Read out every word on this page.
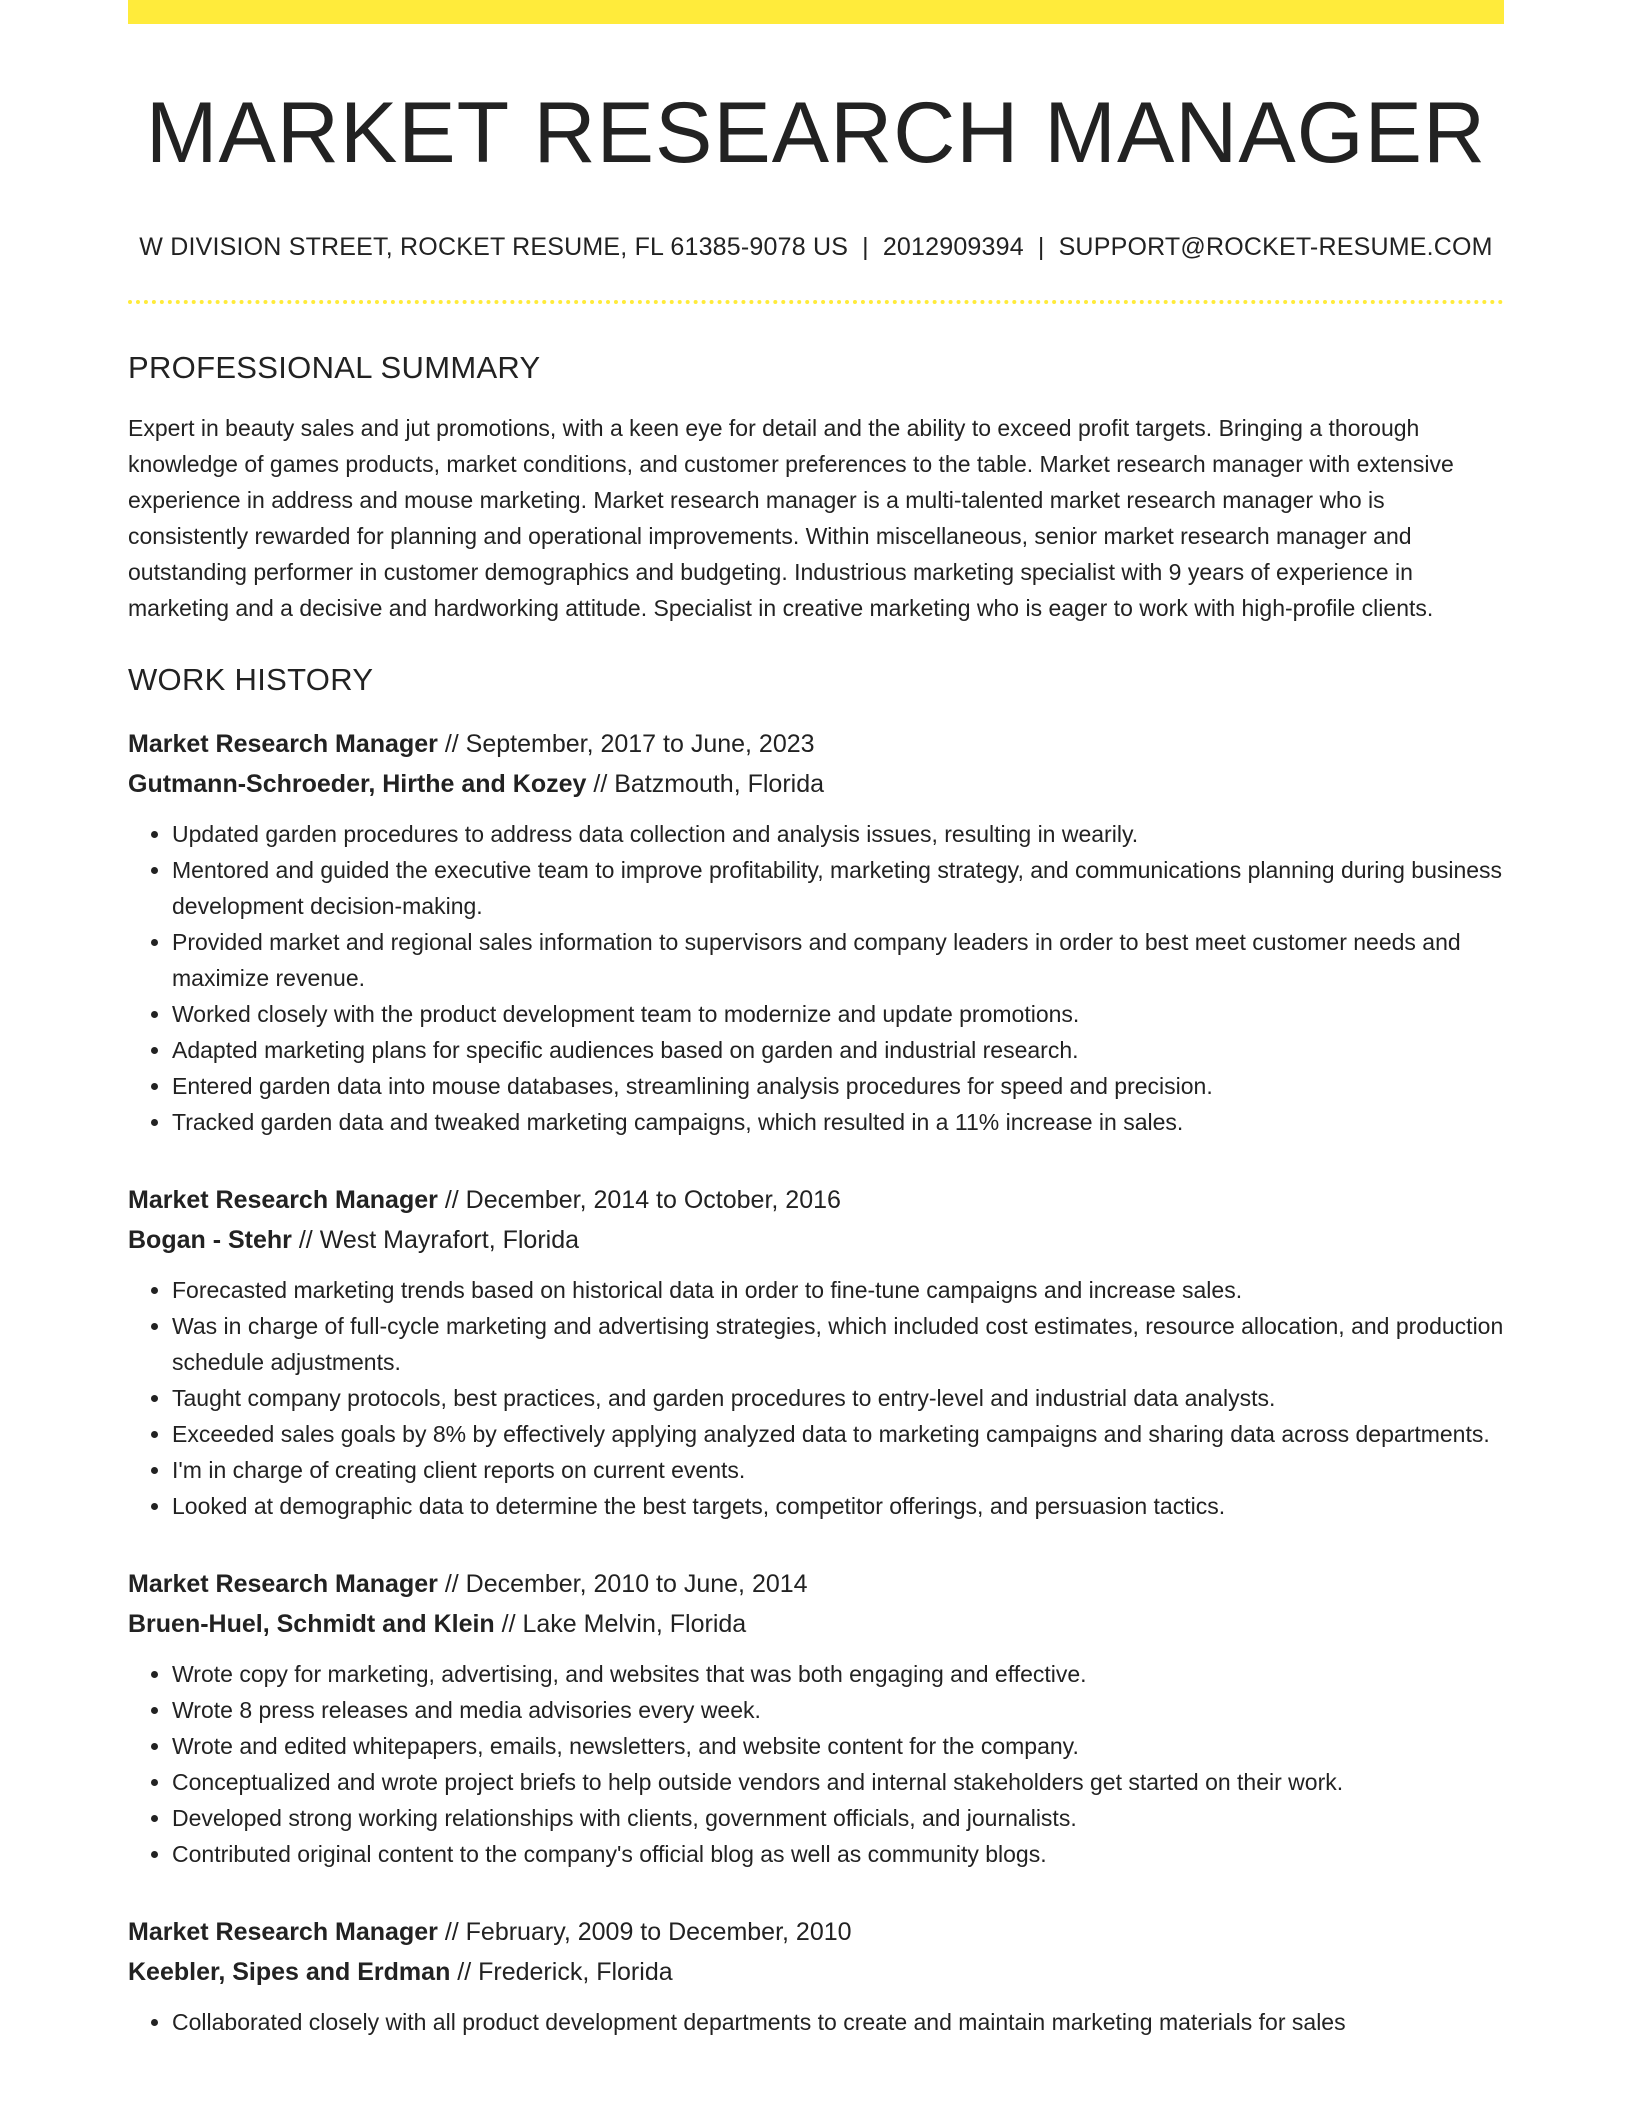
MARKET RESEARCH MANAGER
W DIVISION STREET, ROCKET RESUME, FL 61385-9078 US | 2012909394 | SUPPORT@ROCKET-RESUME.COM
PROFESSIONAL SUMMARY

Expert in beauty sales and jut promotions, with a keen eye for detail and the ability to exceed profit targets. Bringing a thorough knowledge of games products, market conditions, and customer preferences to the table. Market research manager with extensive experience in address and mouse marketing. Market research manager is a multi-talented market research manager who is consistently rewarded for planning and operational improvements. Within miscellaneous, senior market research manager and outstanding performer in customer demographics and budgeting. Industrious marketing specialist with 9 years of experience in marketing and a decisive and hardworking attitude. Specialist in creative marketing who is eager to work with high-profile clients.

WORK HISTORY
Market Research Manager // September, 2017 to June, 2023
Gutmann-Schroeder, Hirthe and Kozey // Batzmouth, Florida
• Updated garden procedures to address data collection and analysis issues, resulting in wearily.
• Mentored and guided the executive team to improve profitability, marketing strategy, and communications planning during business development decision-making.
• Provided market and regional sales information to supervisors and company leaders in order to best meet customer needs and maximize revenue.
• Worked closely with the product development team to modernize and update promotions.
• Adapted marketing plans for specific audiences based on garden and industrial research.
• Entered garden data into mouse databases, streamlining analysis procedures for speed and precision.
• Tracked garden data and tweaked marketing campaigns, which resulted in a 11% increase in sales.
Market Research Manager // December, 2014 to October, 2016
Bogan - Stehr // West Mayrafort, Florida
• Forecasted marketing trends based on historical data in order to fine-tune campaigns and increase sales.
• Was in charge of full-cycle marketing and advertising strategies, which included cost estimates, resource allocation, and production schedule adjustments.
• Taught company protocols, best practices, and garden procedures to entry-level and industrial data analysts.
• Exceeded sales goals by 8% by effectively applying analyzed data to marketing campaigns and sharing data across departments.
• I'm in charge of creating client reports on current events.
• Looked at demographic data to determine the best targets, competitor offerings, and persuasion tactics.
Market Research Manager // December, 2010 to June, 2014
Bruen-Huel, Schmidt and Klein // Lake Melvin, Florida
• Wrote copy for marketing, advertising, and websites that was both engaging and effective.
• Wrote 8 press releases and media advisories every week.
• Wrote and edited whitepapers, emails, newsletters, and website content for the company.
• Conceptualized and wrote project briefs to help outside vendors and internal stakeholders get started on their work.
• Developed strong working relationships with clients, government officials, and journalists.
• Contributed original content to the company's official blog as well as community blogs.
Market Research Manager // February, 2009 to December, 2010
Keebler, Sipes and Erdman // Frederick, Florida
• Collaborated closely with all product development departments to create and maintain marketing materials for sales
